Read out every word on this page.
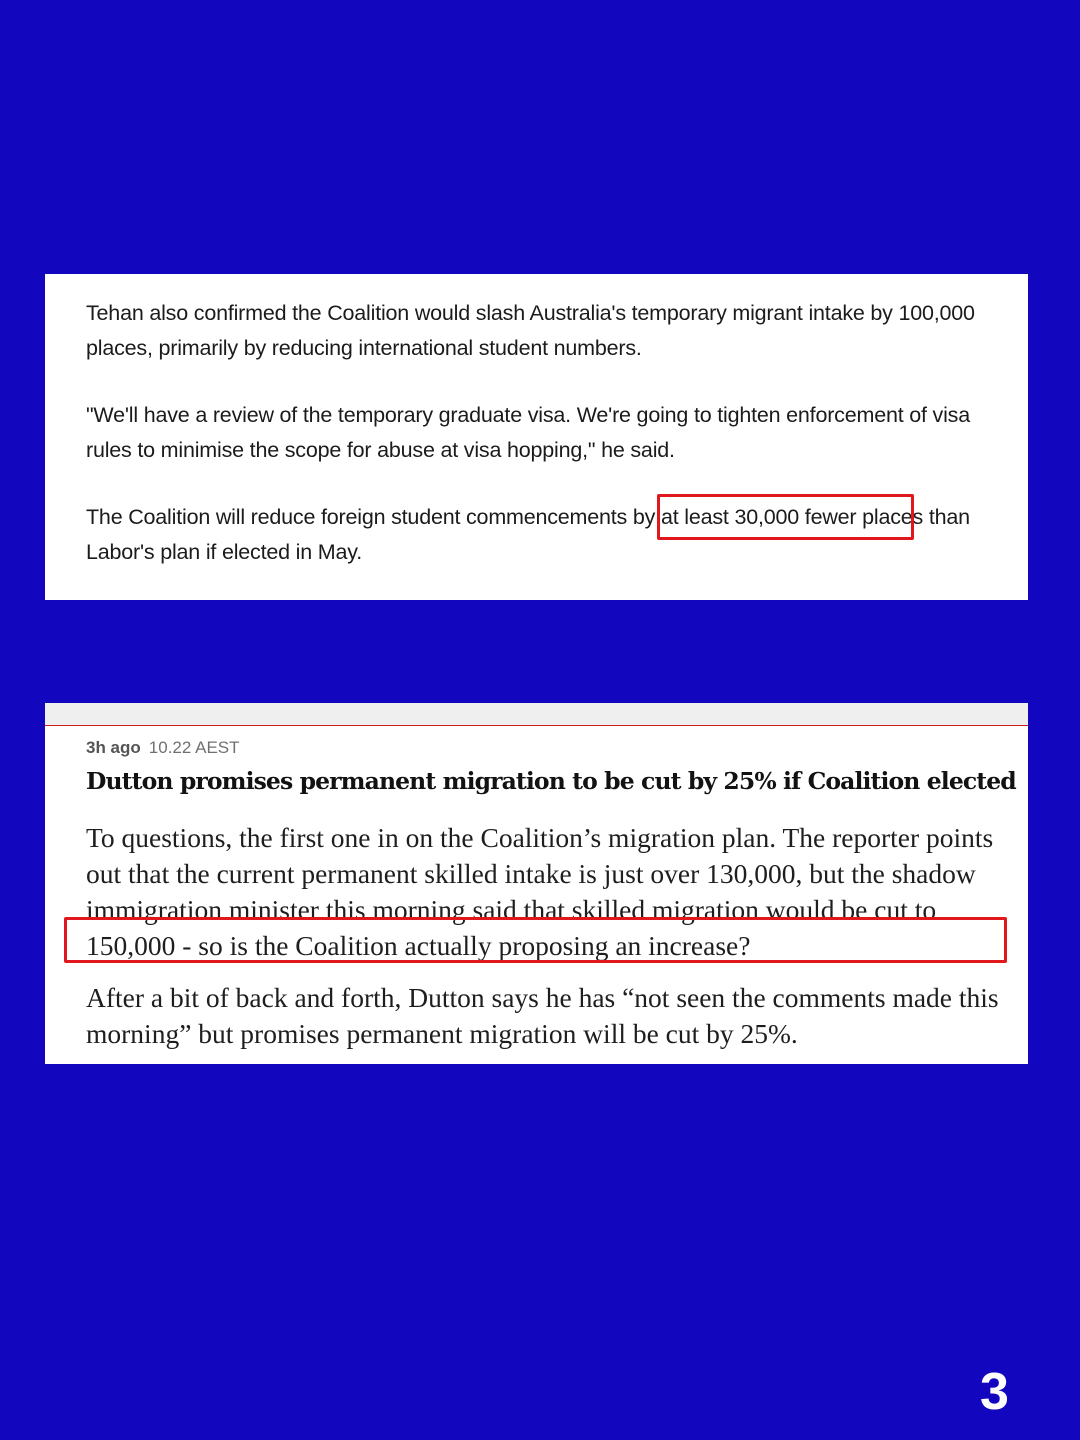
Tehan also confirmed the Coalition would slash Australia's temporary migrant intake by 100,000 places, primarily by reducing international student numbers.

"We'll have a review of the temporary graduate visa. We're going to tighten enforcement of visa rules to minimise the scope for abuse at visa hopping," he said.

The Coalition will reduce foreign student commencements by at least 30,000 fewer places than Labor's plan if elected in May.

3h ago 10.22 AEST
Dutton promises permanent migration to be cut by 25% if Coalition elected

To questions, the first one in on the Coalition’s migration plan. The reporter points out that the current permanent skilled intake is just over 130,000, but the shadow immigration minister this morning said that skilled migration would be cut to 150,000 - so is the Coalition actually proposing an increase?

After a bit of back and forth, Dutton says he has “not seen the comments made this morning” but promises permanent migration will be cut by 25%.

3
